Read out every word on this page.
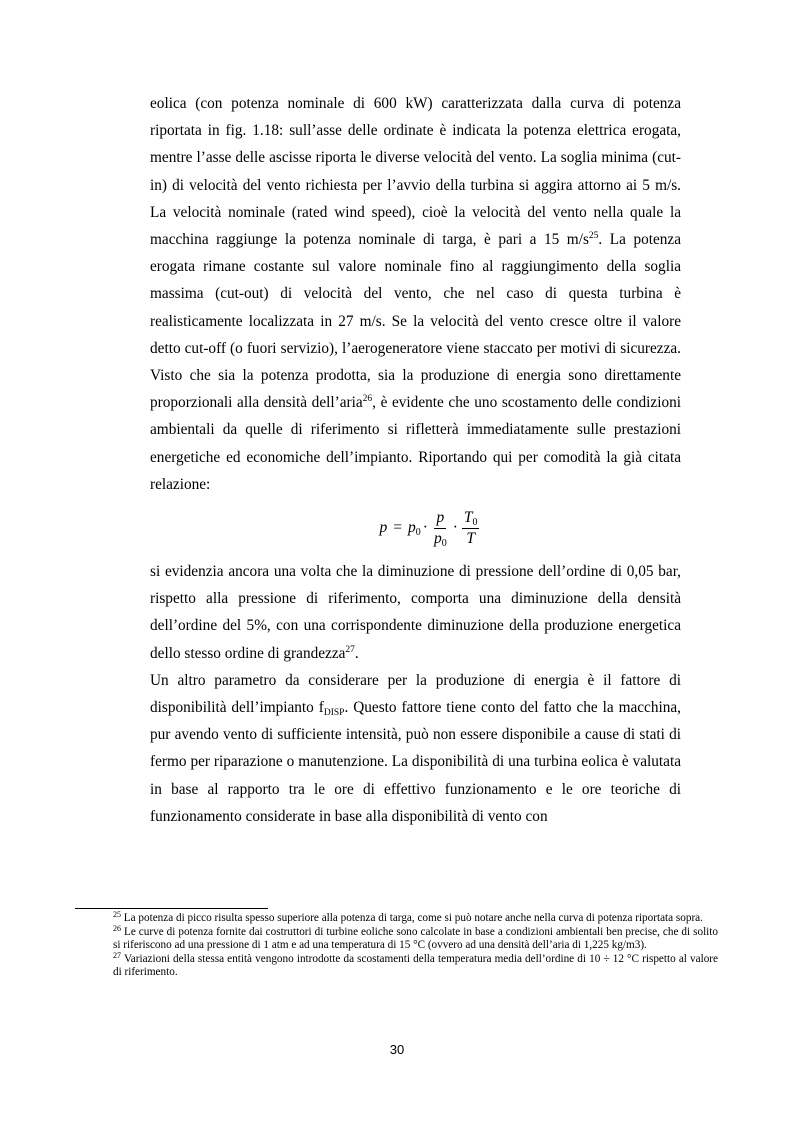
eolica (con potenza nominale di 600 kW) caratterizzata dalla curva di potenza riportata in fig. 1.18: sull’asse delle ordinate è indicata la potenza elettrica erogata, mentre l’asse delle ascisse riporta le diverse velocità del vento. La soglia minima (cut-in) di velocità del vento richiesta per l’avvio della turbina si aggira attorno ai 5 m/s. La velocità nominale (rated wind speed), cioè la velocità del vento nella quale la macchina raggiunge la potenza nominale di targa, è pari a 15 $m/s^{25}$. La potenza erogata rimane costante sul valore nominale fino al raggiungimento della soglia massima (cut-out) di velocità del vento, che nel caso di questa turbina è realisticamente localizzata in 27 m/s. Se la velocità del vento cresce oltre il valore detto cut-off (o fuori servizio), l’aerogeneratore viene staccato per motivi di sicurezza. Visto che sia la potenza prodotta, sia la produzione di energia sono direttamente proporzionali alla densità dell’aria$^{26}$, è evidente che uno scostamento delle condizioni ambientali da quelle di riferimento si rifletterà immediatamente sulle prestazioni energetiche ed economiche dell’impianto. Riportando qui per comodità la già citata relazione:

$p = p_0 \cdot \frac{p}{p_0} \cdot \frac{T_0}{T}$

si evidenzia ancora una volta che la diminuzione di pressione dell’ordine di 0,05 bar, rispetto alla pressione di riferimento, comporta una diminuzione della densità dell’ordine del 5%, con una corrispondente diminuzione della produzione energetica dello stesso ordine di grandezza$^{27}$.

Un altro parametro da considerare per la produzione di energia è il fattore di disponibilità dell’impianto $f_{DISP}$. Questo fattore tiene conto del fatto che la macchina, pur avendo vento di sufficiente intensità, può non essere disponibile a cause di stati di fermo per riparazione o manutenzione. La disponibilità di una turbina eolica è valutata in base al rapporto tra le ore di effettivo funzionamento e le ore teoriche di funzionamento considerate in base alla disponibilità di vento con

$^{25}$ La potenza di picco risulta spesso superiore alla potenza di targa, come si può notare anche nella curva di potenza riportata sopra.

$^{26}$ Le curve di potenza fornite dai costruttori di turbine eoliche sono calcolate in base a condizioni ambientali ben precise, che di solito si riferiscono ad una pressione di 1 atm e ad una temperatura di 15 °C (ovvero ad una densità dell’aria di 1,225 kg/m3).

$^{27}$ Variazioni della stessa entità vengono introdotte da scostamenti della temperatura media dell’ordine di 10 ÷ 12 °C rispetto al valore di riferimento.

30
